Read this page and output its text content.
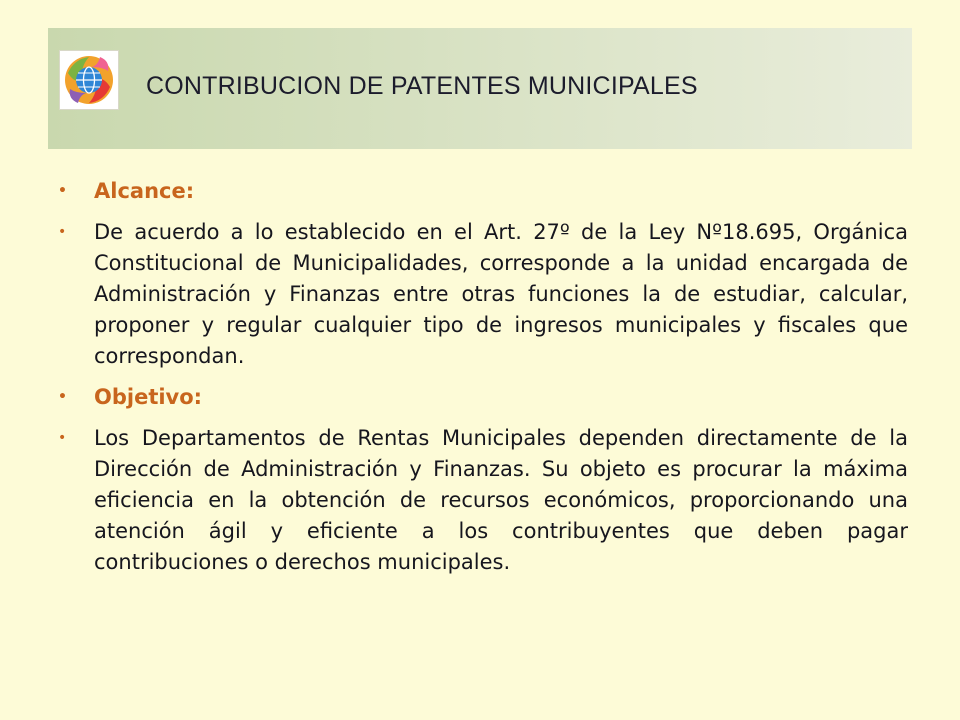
CONTRIBUCION DE PATENTES MUNICIPALES
• Alcance:
• De acuerdo a lo establecido en el Art. 27º de la Ley Nº18.695, Orgánica Constitucional de Municipalidades, corresponde a la unidad encargada de Administración y Finanzas entre otras funciones la de estudiar, calcular, proponer y regular cualquier tipo de ingresos municipales y fiscales que correspondan.
• Objetivo:
• Los Departamentos de Rentas Municipales dependen directamente de la Dirección de Administración y Finanzas. Su objeto es procurar la máxima eficiencia en la obtención de recursos económicos, proporcionando una atención ágil y eficiente a los contribuyentes que deben pagar contribuciones o derechos municipales.
